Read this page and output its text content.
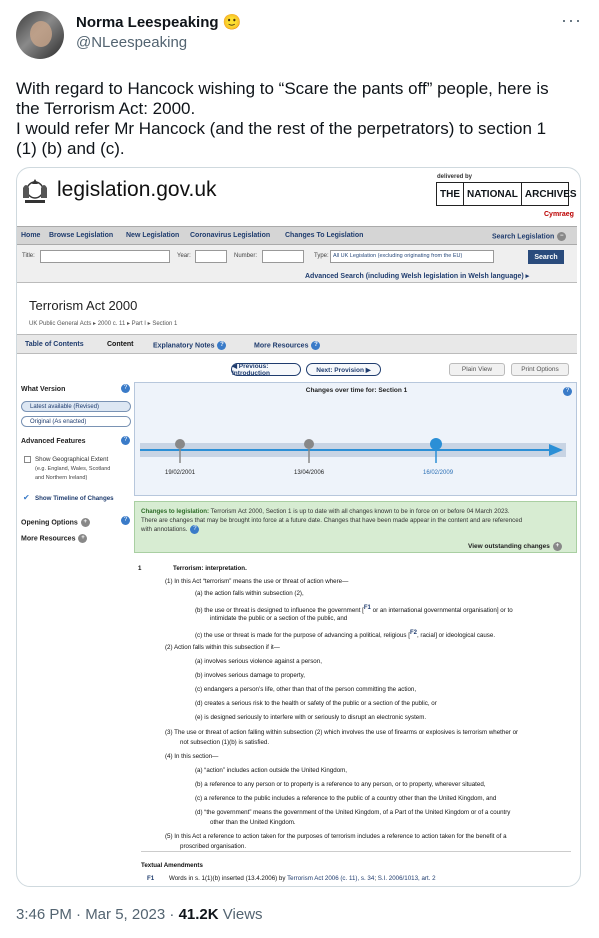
Norma Leespeaking 🙂
@NLeespeaking
···
With regard to Hancock wishing to “Scare the pants off” people, here is
the Terrorism Act: 2000.
I would refer Mr Hancock (and the rest of the perpetrators) to section 1
(1) (b) and (c).
legislation.gov.uk
delivered by
THE NATIONAL ARCHIVES
Cymraeg
Home Browse Legislation New Legislation Coronavirus Legislation Changes To Legislation	Search Legislation −
Title:	Year:	Number:	Type: All UK Legislation (excluding originating from the EU)	Search
Advanced Search (including Welsh legislation in Welsh language) ▸
Terrorism Act 2000
UK Public General Acts ▸ 2000 c. 11 ▸ Part I ▸ Section 1
Table of Contents	Content	Explanatory Notes ?	More Resources ?
◀ Previous: Introduction	Next: Provision ▶	Plain View	Print Options
What Version	?
Latest available (Revised)
Original (As enacted)
Advanced Features	?
Show Geographical Extent
(e.g. England, Wales, Scotland
and Northern Ireland)
✔ Show Timeline of Changes
Opening Options +	?
More Resources +
Changes over time for: Section 1	?
19/02/2001	13/04/2006	16/02/2009
Changes to legislation: Terrorism Act 2000, Section 1 is up to date with all changes known to be in force on or before 04 March 2023.
There are changes that may be brought into force at a future date. Changes that have been made appear in the content and are referenced
with annotations. ?
View outstanding changes +
1	Terrorism: interpretation.
(1) In this Act “terrorism” means the use or threat of action where—
(a) the action falls within subsection (2),
(b) the use or threat is designed to influence the government [$^{F1}$ or an international governmental organisation] or to
intimidate the public or a section of the public, and
(c) the use or threat is made for the purpose of advancing a political, religious [$^{F2}$, racial] or ideological cause.
(2) Action falls within this subsection if it—
(a) involves serious violence against a person,
(b) involves serious damage to property,
(c) endangers a person’s life, other than that of the person committing the action,
(d) creates a serious risk to the health or safety of the public or a section of the public, or
(e) is designed seriously to interfere with or seriously to disrupt an electronic system.
(3) The use or threat of action falling within subsection (2) which involves the use of firearms or explosives is terrorism whether or
not subsection (1)(b) is satisfied.
(4) In this section—
(a) “action” includes action outside the United Kingdom,
(b) a reference to any person or to property is a reference to any person, or to property, wherever situated,
(c) a reference to the public includes a reference to the public of a country other than the United Kingdom, and
(d) “the government” means the government of the United Kingdom, of a Part of the United Kingdom or of a country
other than the United Kingdom.
(5) In this Act a reference to action taken for the purposes of terrorism includes a reference to action taken for the benefit of a
proscribed organisation.
Textual Amendments
F1 Words in s. 1(1)(b) inserted (13.4.2006) by Terrorism Act 2006 (c. 11), s. 34; S.I. 2006/1013, art. 2
3:46 PM · Mar 5, 2023 · 41.2K Views
